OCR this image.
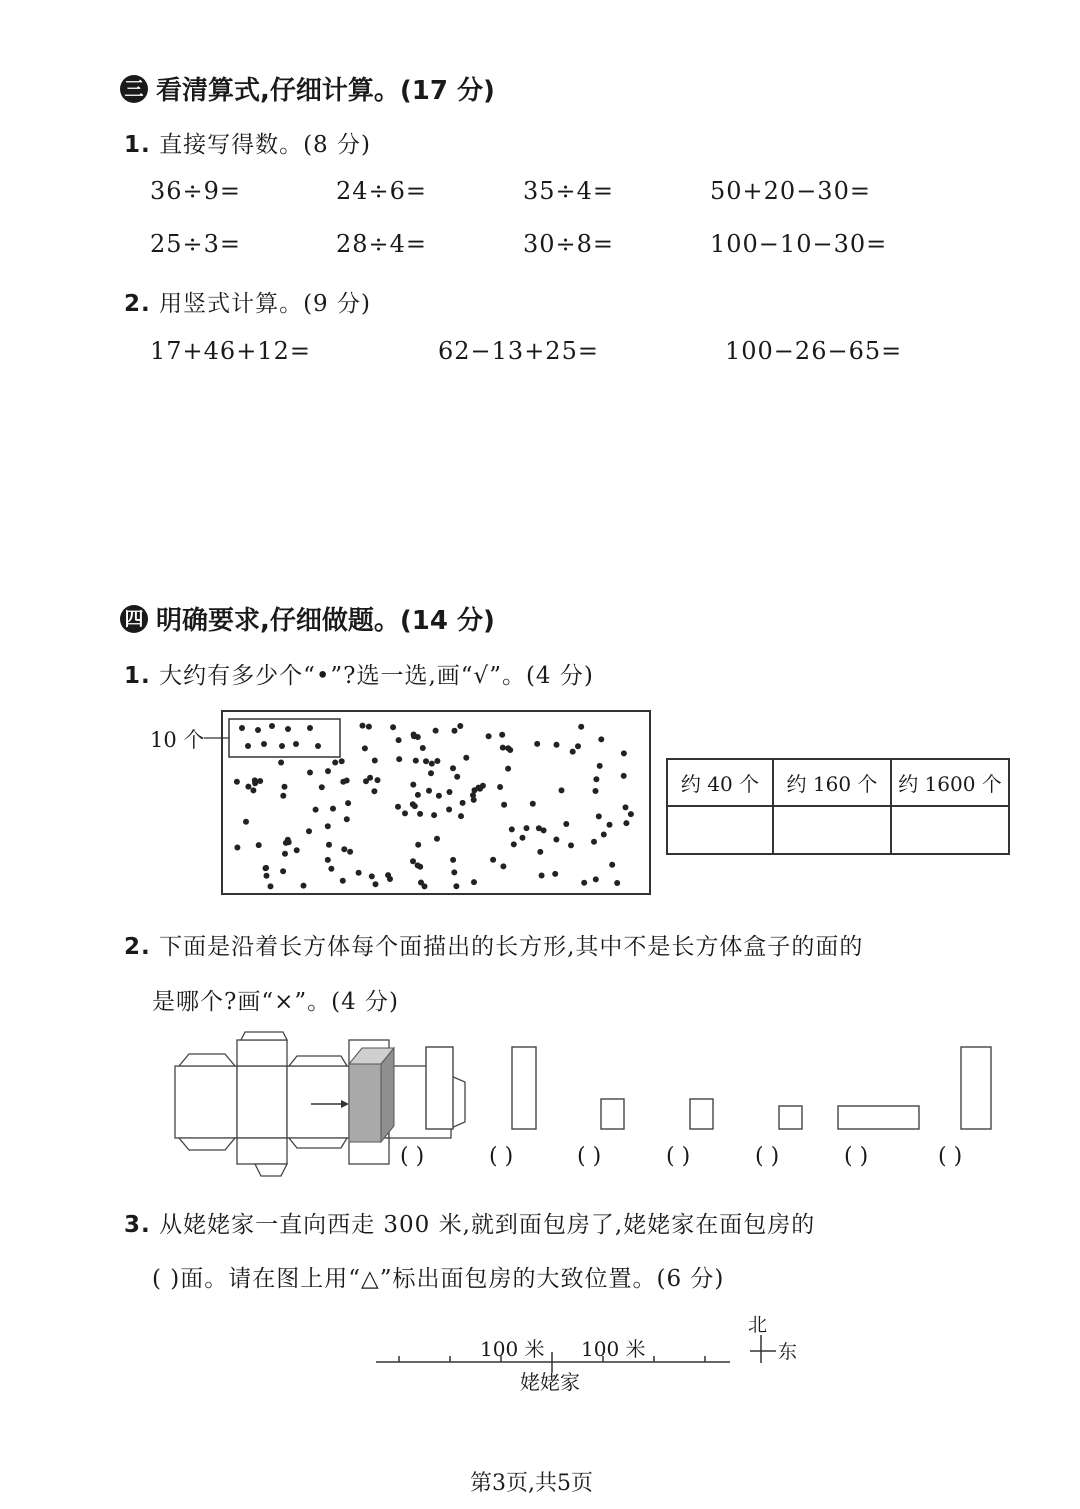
三 看清算式,仔细计算。(17 分)
1. 直接写得数。(8 分)
36÷9=	24÷6=	35÷4=	50+20−30=
25÷3=	28÷4=	30÷8=	100−10−30=
2. 用竖式计算。(9 分)
17+46+12=	62−13+25=	100−26−65=
四 明确要求,仔细做题。(14 分)
1. 大约有多少个“•”?选一选,画“√”。(4 分)
10 个
约 40 个	约 160 个	约 1600 个

2. 下面是沿着长方体每个面描出的长方形,其中不是长方体盒子的面的
是哪个?画“×”。(4 分)
( )	( )	( )	( )	( )	( )	( )
3. 从姥姥家一直向西走 300 米,就到面包房了,姥姥家在面包房的
( )面。请在图上用“△”标出面包房的大致位置。(6 分)
100 米 100 米
姥姥家
北
东
第3页,共5页
